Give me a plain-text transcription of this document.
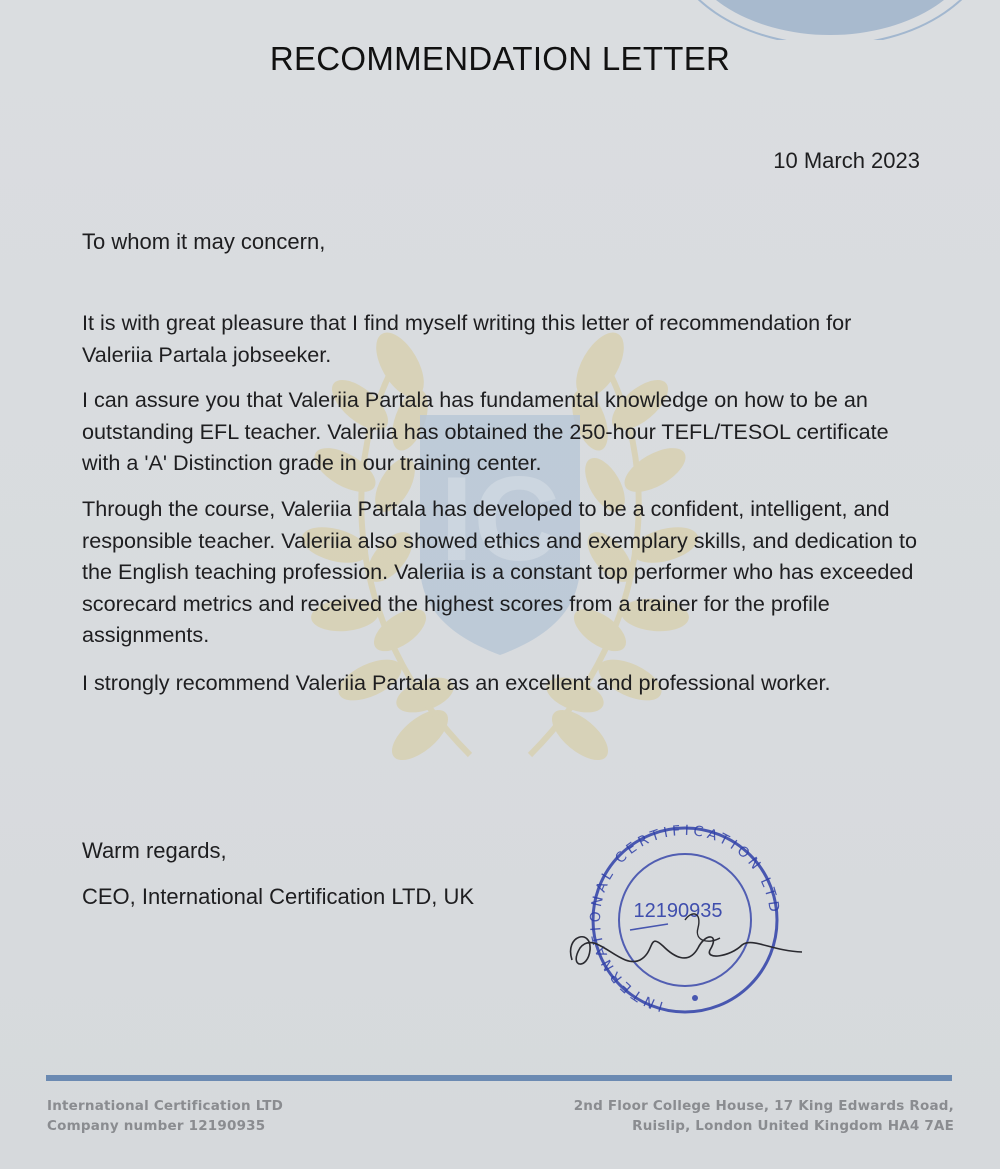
IC
RECOMMENDATION LETTER
10 March 2023
To whom it may concern,
It is with great pleasure that I find myself writing this letter of recommendation for Valeriia Partala jobseeker.
I can assure you that Valeriia Partala has fundamental knowledge on how to be an outstanding EFL teacher. Valeriia has obtained the 250-hour TEFL/TESOL certificate with a 'A' Distinction grade in our training center.
Through the course, Valeriia Partala has developed to be a confident, intelligent, and responsible teacher. Valeriia also showed ethics and exemplary skills, and dedication to the English teaching profession. Valeriia is a constant top performer who has exceeded scorecard metrics and received the highest scores from a trainer for the profile assignments.
I strongly recommend Valeriia Partala as an excellent and professional worker.
Warm regards,
CEO, International Certification LTD, UK
INTERNATIONAL CERTIFICATION LTD
12190935
International Certification LTD
Company number 12190935
2nd Floor College House, 17 King Edwards Road,
Ruislip, London United Kingdom HA4 7AE
